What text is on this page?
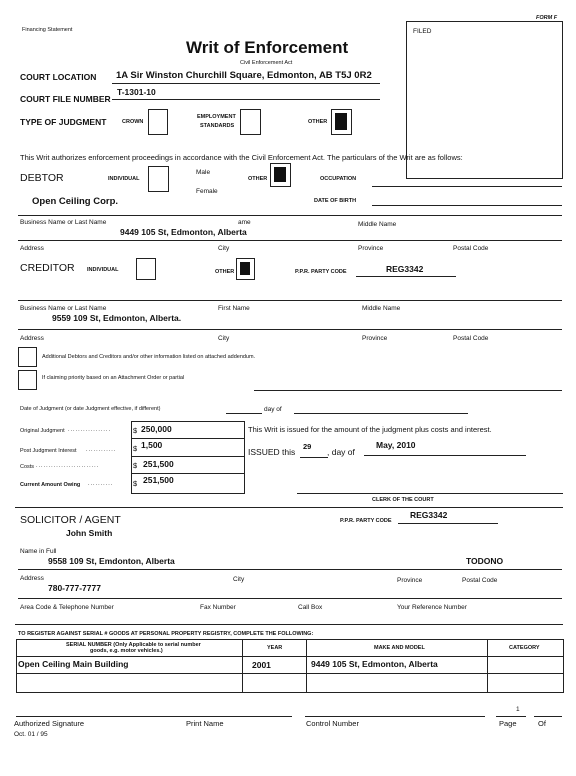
FORM F
Financing Statement
Writ of Enforcement
Civil Enforcement Act
FILED
COURT LOCATION 1A Sir Winston Churchill Square, Edmonton, AB T5J 0R2
COURT FILE NUMBER
T-1301-10
TYPE OF JUDGMENT	CROWN
EMPLOYMENT
STANDARDS
OTHER
This Writ authorizes enforcement proceedings in accordance with the Civil Enforcement Act. The particulars of the Writ are as follows:
DEBTOR	INDIVIDUAL
Male
Female
OTHER	OCCUPATION
Open Ceiling Corp.	DATE OF BIRTH
Business Name or Last Name	ame	Middle Name
9449 105 St, Edmonton, Alberta
Address	City	Province	Postal Code
CREDITOR INDIVIDUAL	OTHER	P.P.R. PARTY CODE	REG3342
Business Name or Last Name	First Name	Middle Name
9559 109 St, Edmonton, Alberta.
Address	City	Province	Postal Code
Additional Debtors and Creditors and/or other information listed on attached addendum.
If claiming priority based on an Attachment Order or partial
Date of Judgment (or date Judgment effective, if different)	day of
Original Judgment .................	$ 250,000
Post Judgment Interest ............ $ 1,500
Costs .........................	$ 251,500
Current Amount Owing ..........	$ 251,500
This Writ is issued for the amount of the judgment plus costs and interest.
ISSUED this
29
, day of
May, 2010
CLERK OF THE COURT
SOLICITOR / AGENT
John Smith
P.P.R. PARTY CODE
REG3342
Name in Full
9558 109 St, Emdonton, Alberta	TODONO
Address	City	Province	Postal Code
780-777-7777
Area Code & Telephone Number	Fax Number	Call Box	Your Reference Number
TO REGISTER AGAINST SERIAL # GOODS AT PERSONAL PROPERTY REGISTRY, COMPLETE THE FOLLOWING:
SERIAL NUMBER (Only Applicable to serial number
goods, e.g. motor vehicles.)	YEAR	MAKE AND MODEL	CATEGORY
Open Ceiling Main Building	2001	9449 105 St, Edmonton, Alberta
1
Authorized Signature	Print Name	Control Number	Page	Of
Oct. 01 / 95
